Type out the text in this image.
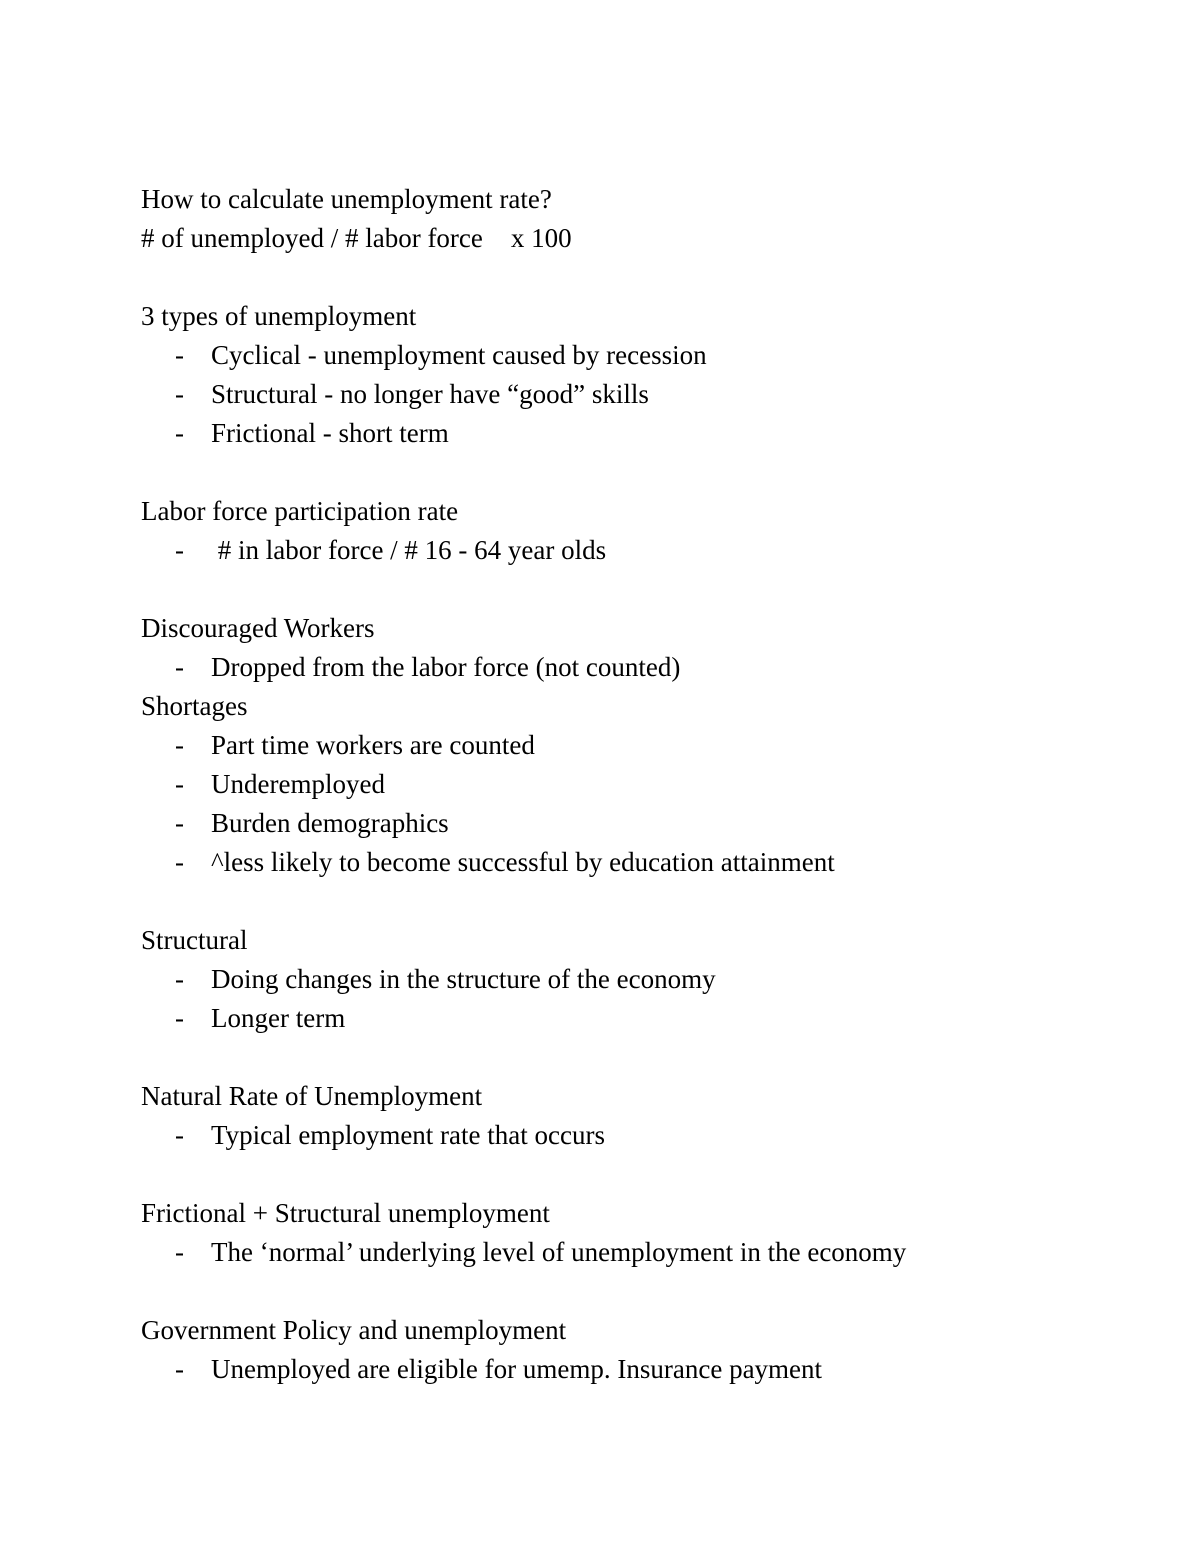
How to calculate unemployment rate?
# of unemployed / # labor force x 100
3 types of unemployment
-	Cyclical - unemployment caused by recession
-	Structural - no longer have “good” skills
-	Frictional - short term
Labor force participation rate
-	# in labor force / # 16 - 64 year olds
Discouraged Workers
-	Dropped from the labor force (not counted)
Shortages
-	Part time workers are counted
-	Underemployed
-	Burden demographics
-	^less likely to become successful by education attainment
Structural
-	Doing changes in the structure of the economy
-	Longer term
Natural Rate of Unemployment
-	Typical employment rate that occurs
Frictional + Structural unemployment
-	The ‘normal’ underlying level of unemployment in the economy
Government Policy and unemployment
-	Unemployed are eligible for umemp. Insurance payment
